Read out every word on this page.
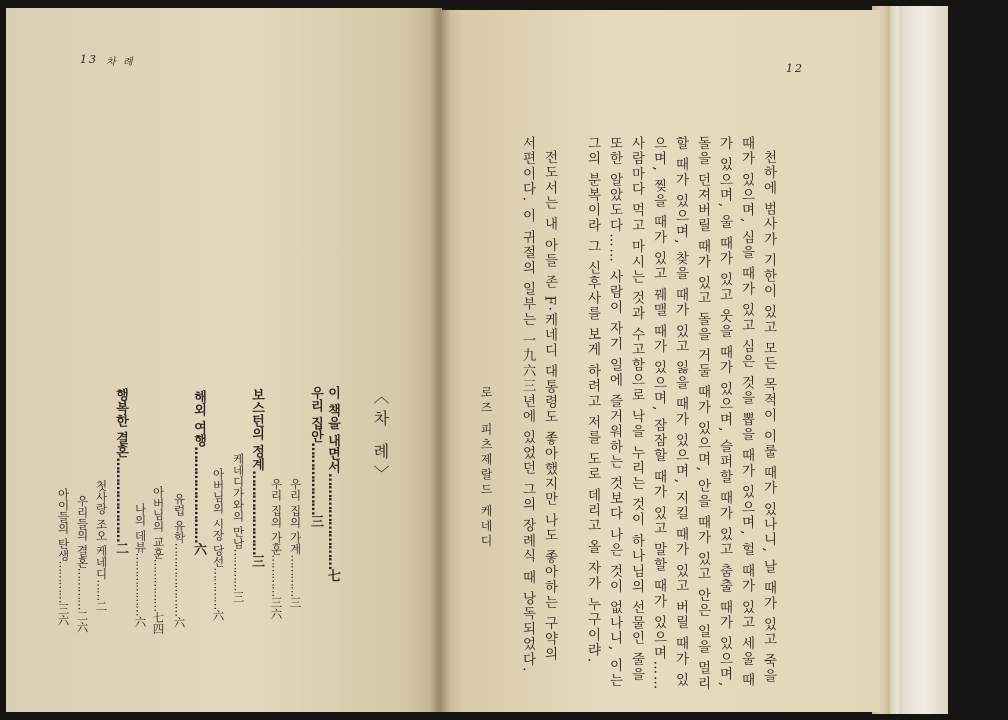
13 차 례
〈차 례〉
이 책을 내면서……………………七
우리 집안………………三
우리 집의 가계…………三
우리 집의 가훈…………三六
보스턴의 정계…………………三
케네디가와의 만남…………三
아버님의 시장 당선…………六
해외 여행……………………六
유럽 유학…………………六
아버님의 교훈……………七四
나의 데뷰………………六
행복한 결혼…………………二
첫사랑 조오 케네디……二
우리들의 결혼…………二六
아이들의 탄생…………三六
12
천하에 범사가 기한이 있고 모든 목적이 이룰 때가 있나니, 날 때가 있고 죽을
때가 있으며, 심을 때가 있고 심은 것을 뽑을 때가 있으며, 헐 때가 있고 세울 때
가 있으며, 울 때가 있고 웃을 때가 있으며, 슬퍼할 때가 있고 춤출 때가 있으며,
돌을 던져버릴 때가 있고 돌을 거둘 때가 있으며, 안을 때가 있고 안은 일을 멀리
할 때가 있으며, 찾을 때가 있고 잃을 때가 있으며, 지킬 때가 있고 버릴 때가 있
으며, 찢을 때가 있고 꿰맬 때가 있으며, 잠잠할 때가 있고 말할 때가 있으며……
사람마다 먹고 마시는 것과 수고함으로 낙을 누리는 것이 하나님의 선물인 줄을
또한 알았도다…… 사람이 자기 일에 즐거워하는 것보다 나은 것이 없나니, 이는
그의 분복이라 그 신후사를 보게 하려고 저를 도로 데리고 올 자가 누구이랴.
전도서는 내 아들 존 F·케네디 대통령도 좋아했지만 나도 좋아하는 구약의
서편이다. 이 귀절의 일부는 一九六三년에 있었던 그의 장례식 때 낭독되었다.
로즈 피츠제랄드 케네디
